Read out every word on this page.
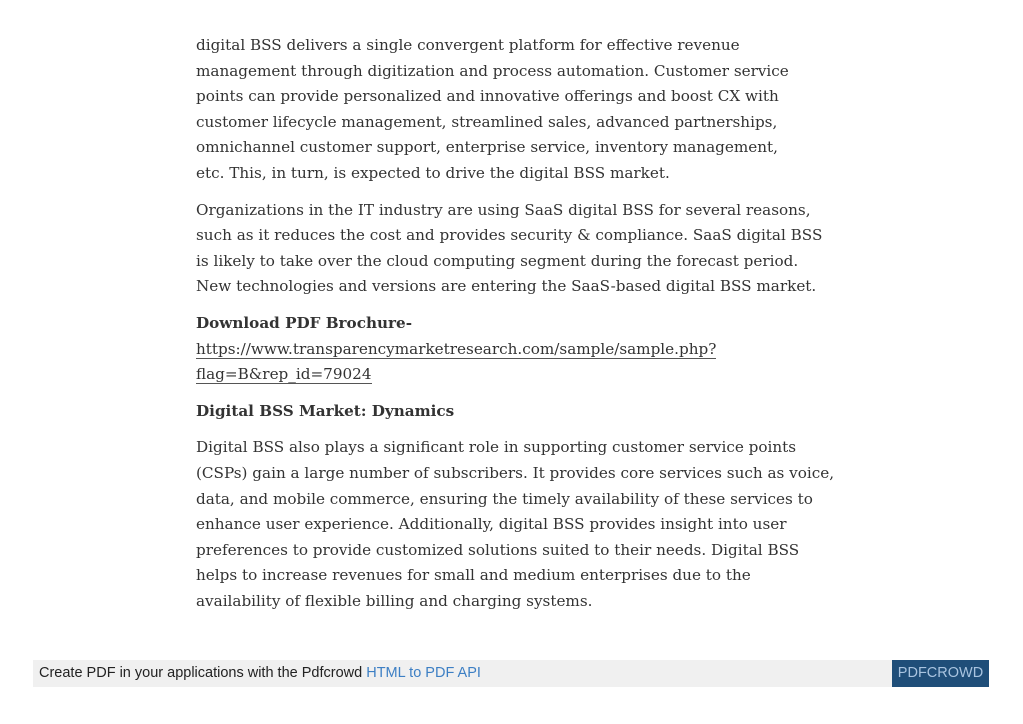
digital BSS delivers a single convergent platform for effective revenue management through digitization and process automation. Customer service points can provide personalized and innovative offerings and boost CX with customer lifecycle management, streamlined sales, advanced partnerships, omnichannel customer support, enterprise service, inventory management, etc. This, in turn, is expected to drive the digital BSS market.

Organizations in the IT industry are using SaaS digital BSS for several reasons, such as it reduces the cost and provides security & compliance. SaaS digital BSS is likely to take over the cloud computing segment during the forecast period. New technologies and versions are entering the SaaS-based digital BSS market.

Download PDF Brochure- https://www.transparencymarketresearch.com/sample/sample.php?flag=B&rep_id=79024

Digital BSS Market: Dynamics

Digital BSS also plays a significant role in supporting customer service points (CSPs) gain a large number of subscribers. It provides core services such as voice, data, and mobile commerce, ensuring the timely availability of these services to enhance user experience. Additionally, digital BSS provides insight into user preferences to provide customized solutions suited to their needs. Digital BSS helps to increase revenues for small and medium enterprises due to the availability of flexible billing and charging systems.

Create PDF in your applications with the Pdfcrowd HTML to PDF API	PDFCROWD
